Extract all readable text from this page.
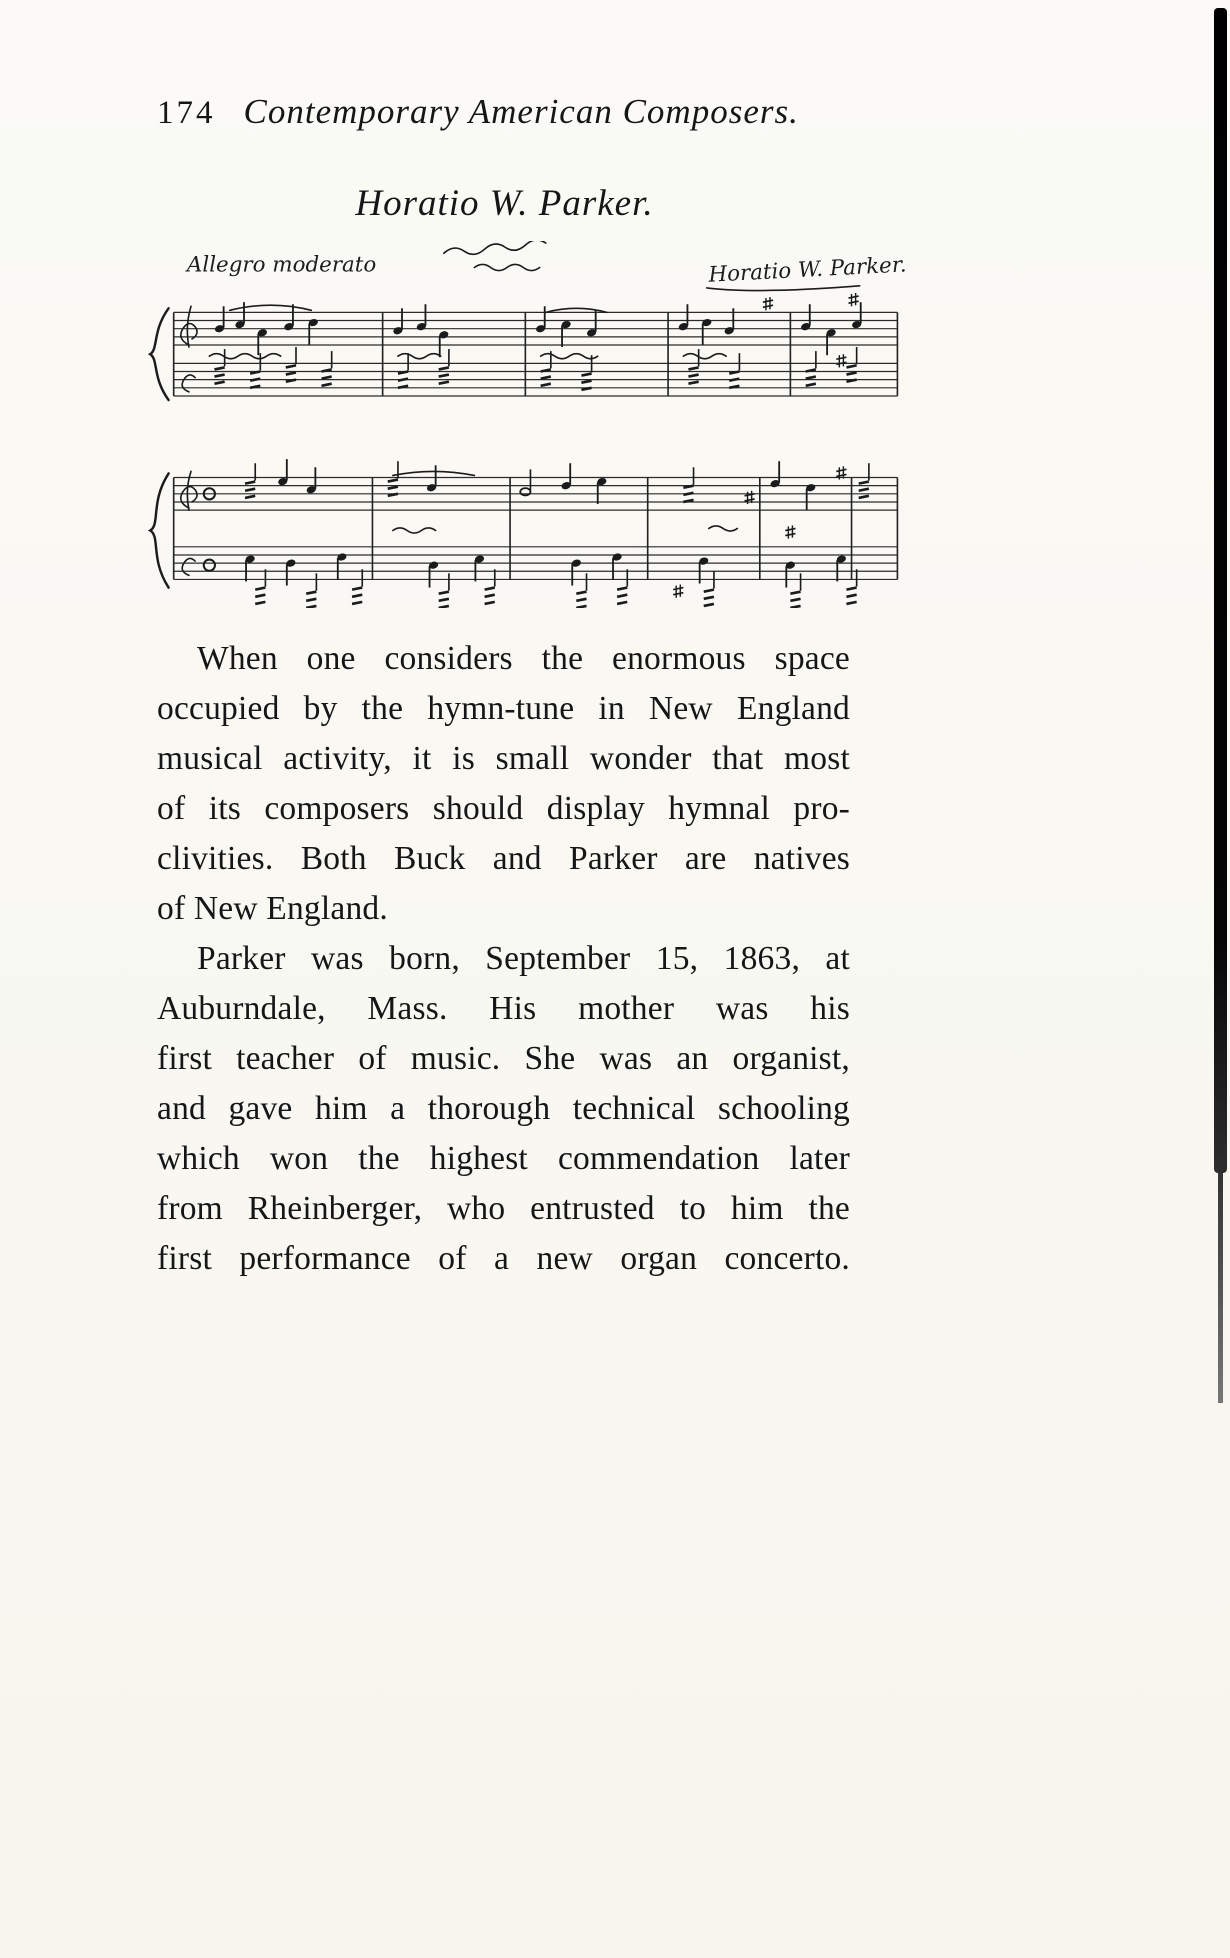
174 Contemporary American Composers.
Horatio W. Parker.
Allegro moderato	Horatio W. Parker.
When one considers the enormous space
occupied by the hymn-tune in New England
musical activity, it is small wonder that most
of its composers should display hymnal pro-
clivities. Both Buck and Parker are natives
of New England.
Parker was born, September 15, 1863, at
Auburndale, Mass. His mother was his
first teacher of music. She was an organist,
and gave him a thorough technical schooling
which won the highest commendation later
from Rheinberger, who entrusted to him the
first performance of a new organ concerto.
